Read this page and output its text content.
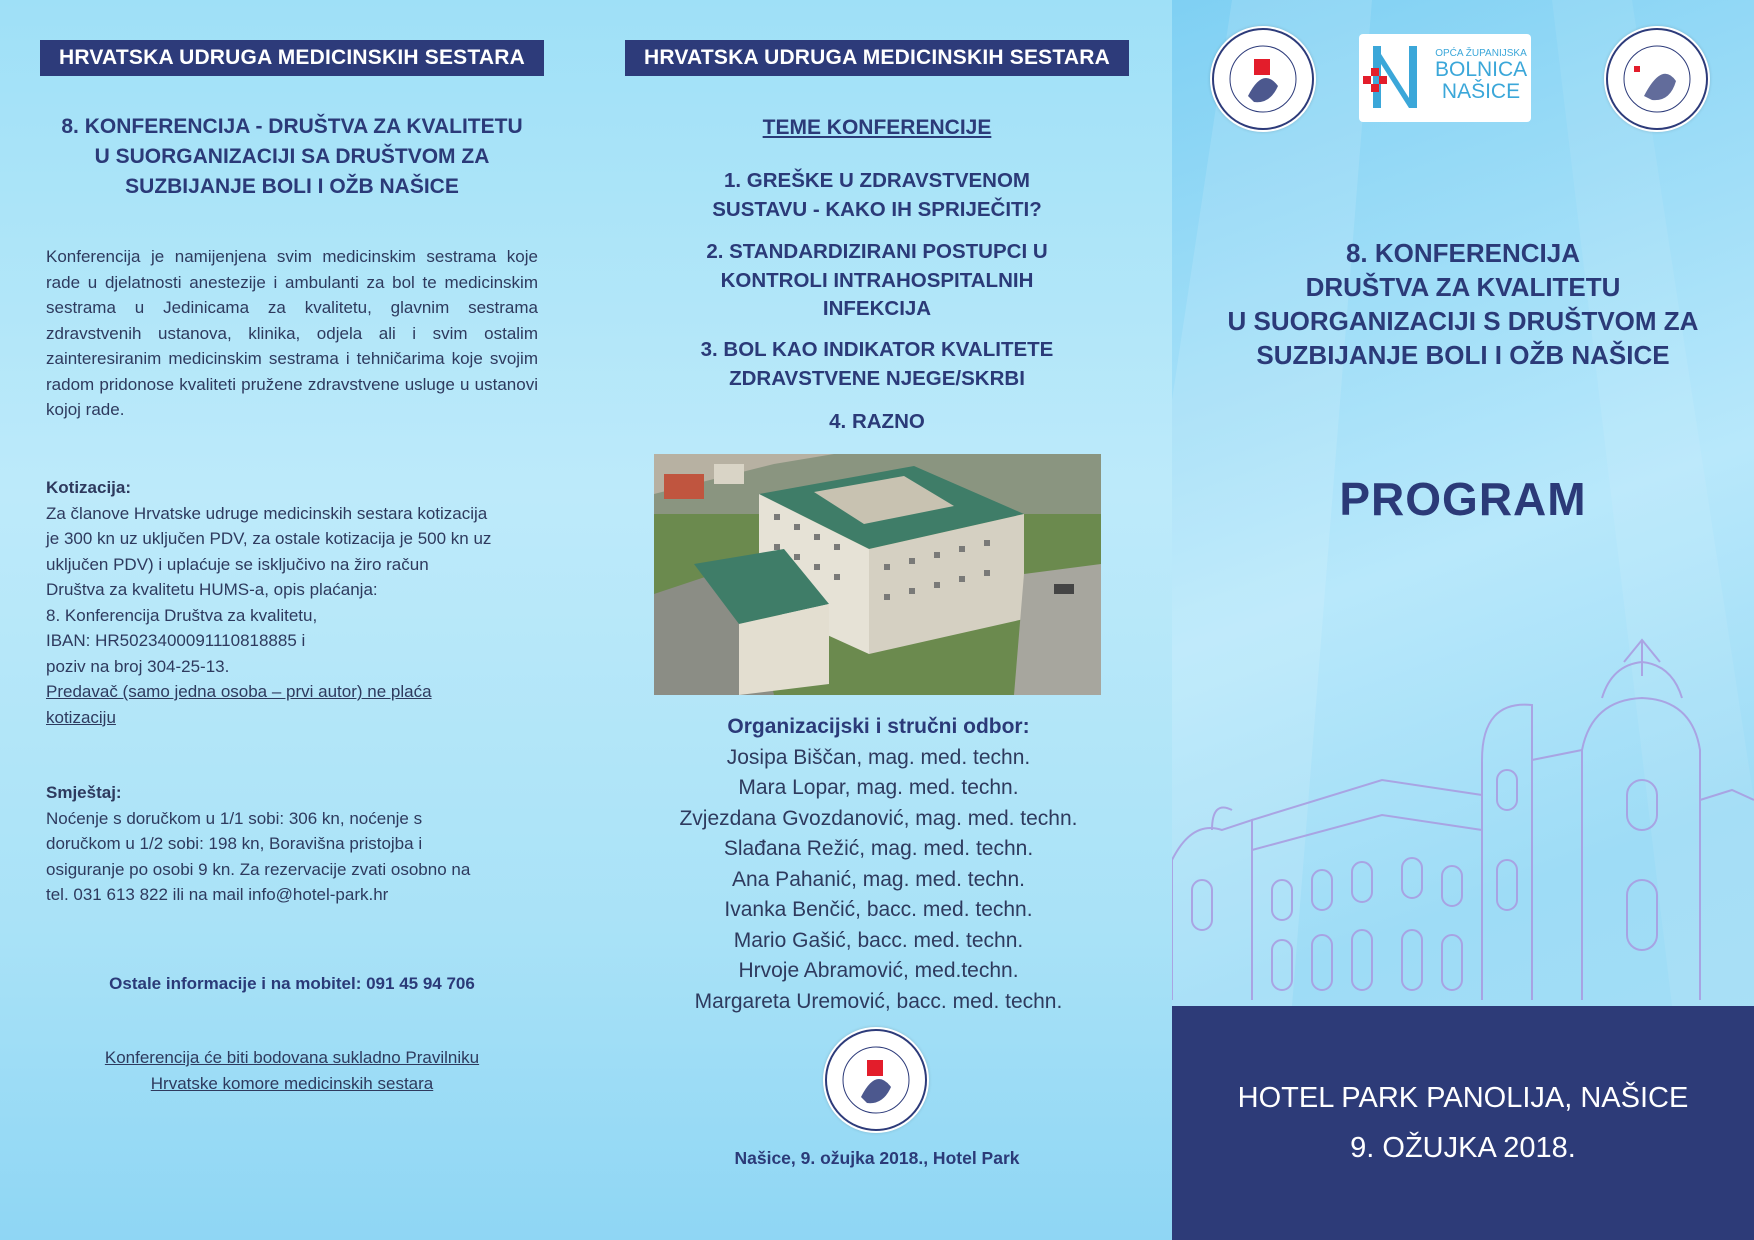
HRVATSKA UDRUGA MEDICINSKIH SESTARA
8. KONFERENCIJA - DRUŠTVA ZA KVALITETU
U SUORGANIZACIJI SA DRUŠTVOM ZA
SUZBIJANJE BOLI I OŽB NAŠICE
Konferencija je namijenjena svim medicinskim sestrama koje rade u djelatnosti anestezije i ambulanti za bol te medicinskim sestrama u Jedinicama za kvalitetu, glavnim sestrama zdravstvenih ustanova, klinika, odjela ali i svim ostalim zainteresiranim medicinskim sestrama i tehničarima koje svojim radom pridonose kvaliteti pružene zdravstvene usluge u ustanovi kojoj rade.
Kotizacija:
Za članove Hrvatske udruge medicinskih sestara kotizacija
je 300 kn uz uključen PDV, za ostale kotizacija je 500 kn uz
uključen PDV) i uplaćuje se isključivo na žiro račun
Društva za kvalitetu HUMS-a, opis plaćanja:
8. Konferencija Društva za kvalitetu,
IBAN: HR5023400091110818885 i
poziv na broj 304-25-13.
Predavač (samo jedna osoba – prvi autor) ne plaća
kotizaciju
Smještaj:
Noćenje s doručkom u 1/1 sobi: 306 kn, noćenje s
doručkom u 1/2 sobi: 198 kn, Boravišna pristojba i
osiguranje po osobi 9 kn. Za rezervacije zvati osobno na
tel. 031 613 822 ili na mail info@hotel-park.hr
Ostale informacije i na mobitel: 091 45 94 706
Konferencija će biti bodovana sukladno Pravilniku
Hrvatske komore medicinskih sestara
HRVATSKA UDRUGA MEDICINSKIH SESTARA
TEME KONFERENCIJE
1. GREŠKE U ZDRAVSTVENOM
SUSTAVU - KAKO IH SPRIJEČITI?
2. STANDARDIZIRANI POSTUPCI U
KONTROLI INTRAHOSPITALNIH
INFEKCIJA
3. BOL KAO INDIKATOR KVALITETE
ZDRAVSTVENE NJEGE/SKRBI
4. RAZNO
Organizacijski i stručni odbor:
Josipa Biščan, mag. med. techn.
Mara Lopar, mag. med. techn.
Zvjezdana Gvozdanović, mag. med. techn.
Slađana Režić, mag. med. techn.
Ana Pahanić, mag. med. techn.
Ivanka Benčić, bacc. med. techn.
Mario Gašić, bacc. med. techn.
Hrvoje Abramović, med.techn.
Margareta Uremović, bacc. med. techn.
Našice, 9. ožujka 2018., Hotel Park
OPĆA ŽUPANIJSKA
BOLNICA
NAŠICE
8. KONFERENCIJA
DRUŠTVA ZA KVALITETU
U SUORGANIZACIJI S DRUŠTVOM ZA
SUZBIJANJE BOLI I OŽB NAŠICE
PROGRAM
HOTEL PARK PANOLIJA, NAŠICE
9. OŽUJKA 2018.
